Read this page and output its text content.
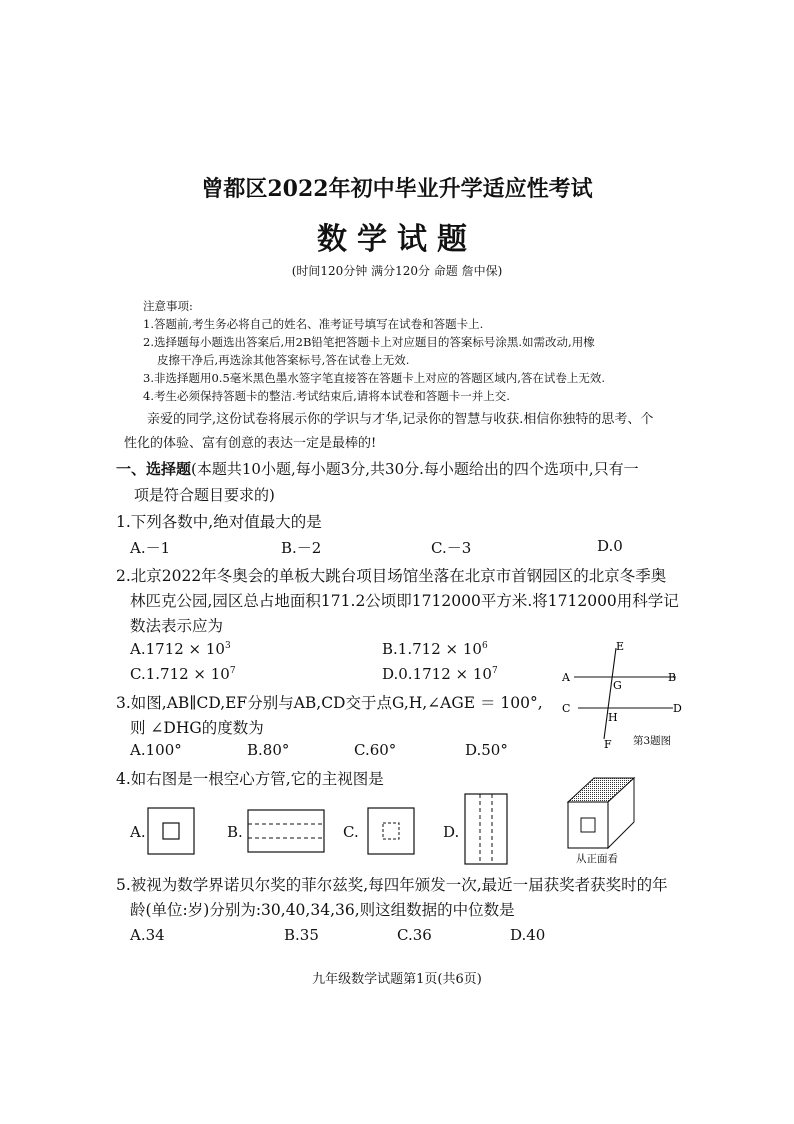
曾都区2022年初中毕业升学适应性考试
数学试题
(时间120分钟 满分120分 命题 詹中保)
注意事项:
1.答题前,考生务必将自己的姓名、准考证号填写在试卷和答题卡上.
2.选择题每小题选出答案后,用2B铅笔把答题卡上对应题目的答案标号涂黑.如需改动,用橡
皮擦干净后,再选涂其他答案标号,答在试卷上无效.
3.非选择题用0.5毫米黑色墨水签字笔直接答在答题卡上对应的答题区域内,答在试卷上无效.
4.考生必须保持答题卡的整洁.考试结束后,请将本试卷和答题卡一并上交.
亲爱的同学,这份试卷将展示你的学识与才华,记录你的智慧与收获.相信你独特的思考、个
性化的体验、富有创意的表达一定是最棒的!
一、选择题(本题共10小题,每小题3分,共30分.每小题给出的四个选项中,只有一
项是符合题目要求的)
1.下列各数中,绝对值最大的是
A.－1	B.－2	C.－3	D.0
2.北京2022年冬奥会的单板大跳台项目场馆坐落在北京市首钢园区的北京冬季奥
林匹克公园,园区总占地面积171.2公顷即1712000平方米.将1712000用科学记
数法表示应为
$A.1712 \times 10^3$	$B.1.712 \times 10^6$
$C.1.712 \times 10^7$	$D.0.1712 \times 10^7$
E
A	B
G
C	D
H
F 第3题图
3.如图,AB∥CD,EF分别与AB,CD交于点G,H,∠AGE ＝ 100°,
则 ∠DHG的度数为
A.100°	B.80°	C.60°	D.50°
4.如右图是一根空心方管,它的主视图是
A.	B.	C.	D.
从正面看
5.被视为数学界诺贝尔奖的菲尔兹奖,每四年颁发一次,最近一届获奖者获奖时的年
龄(单位:岁)分别为:30,40,34,36,则这组数据的中位数是
A.34	B.35	C.36	D.40
九年级数学试题第1页(共6页)
